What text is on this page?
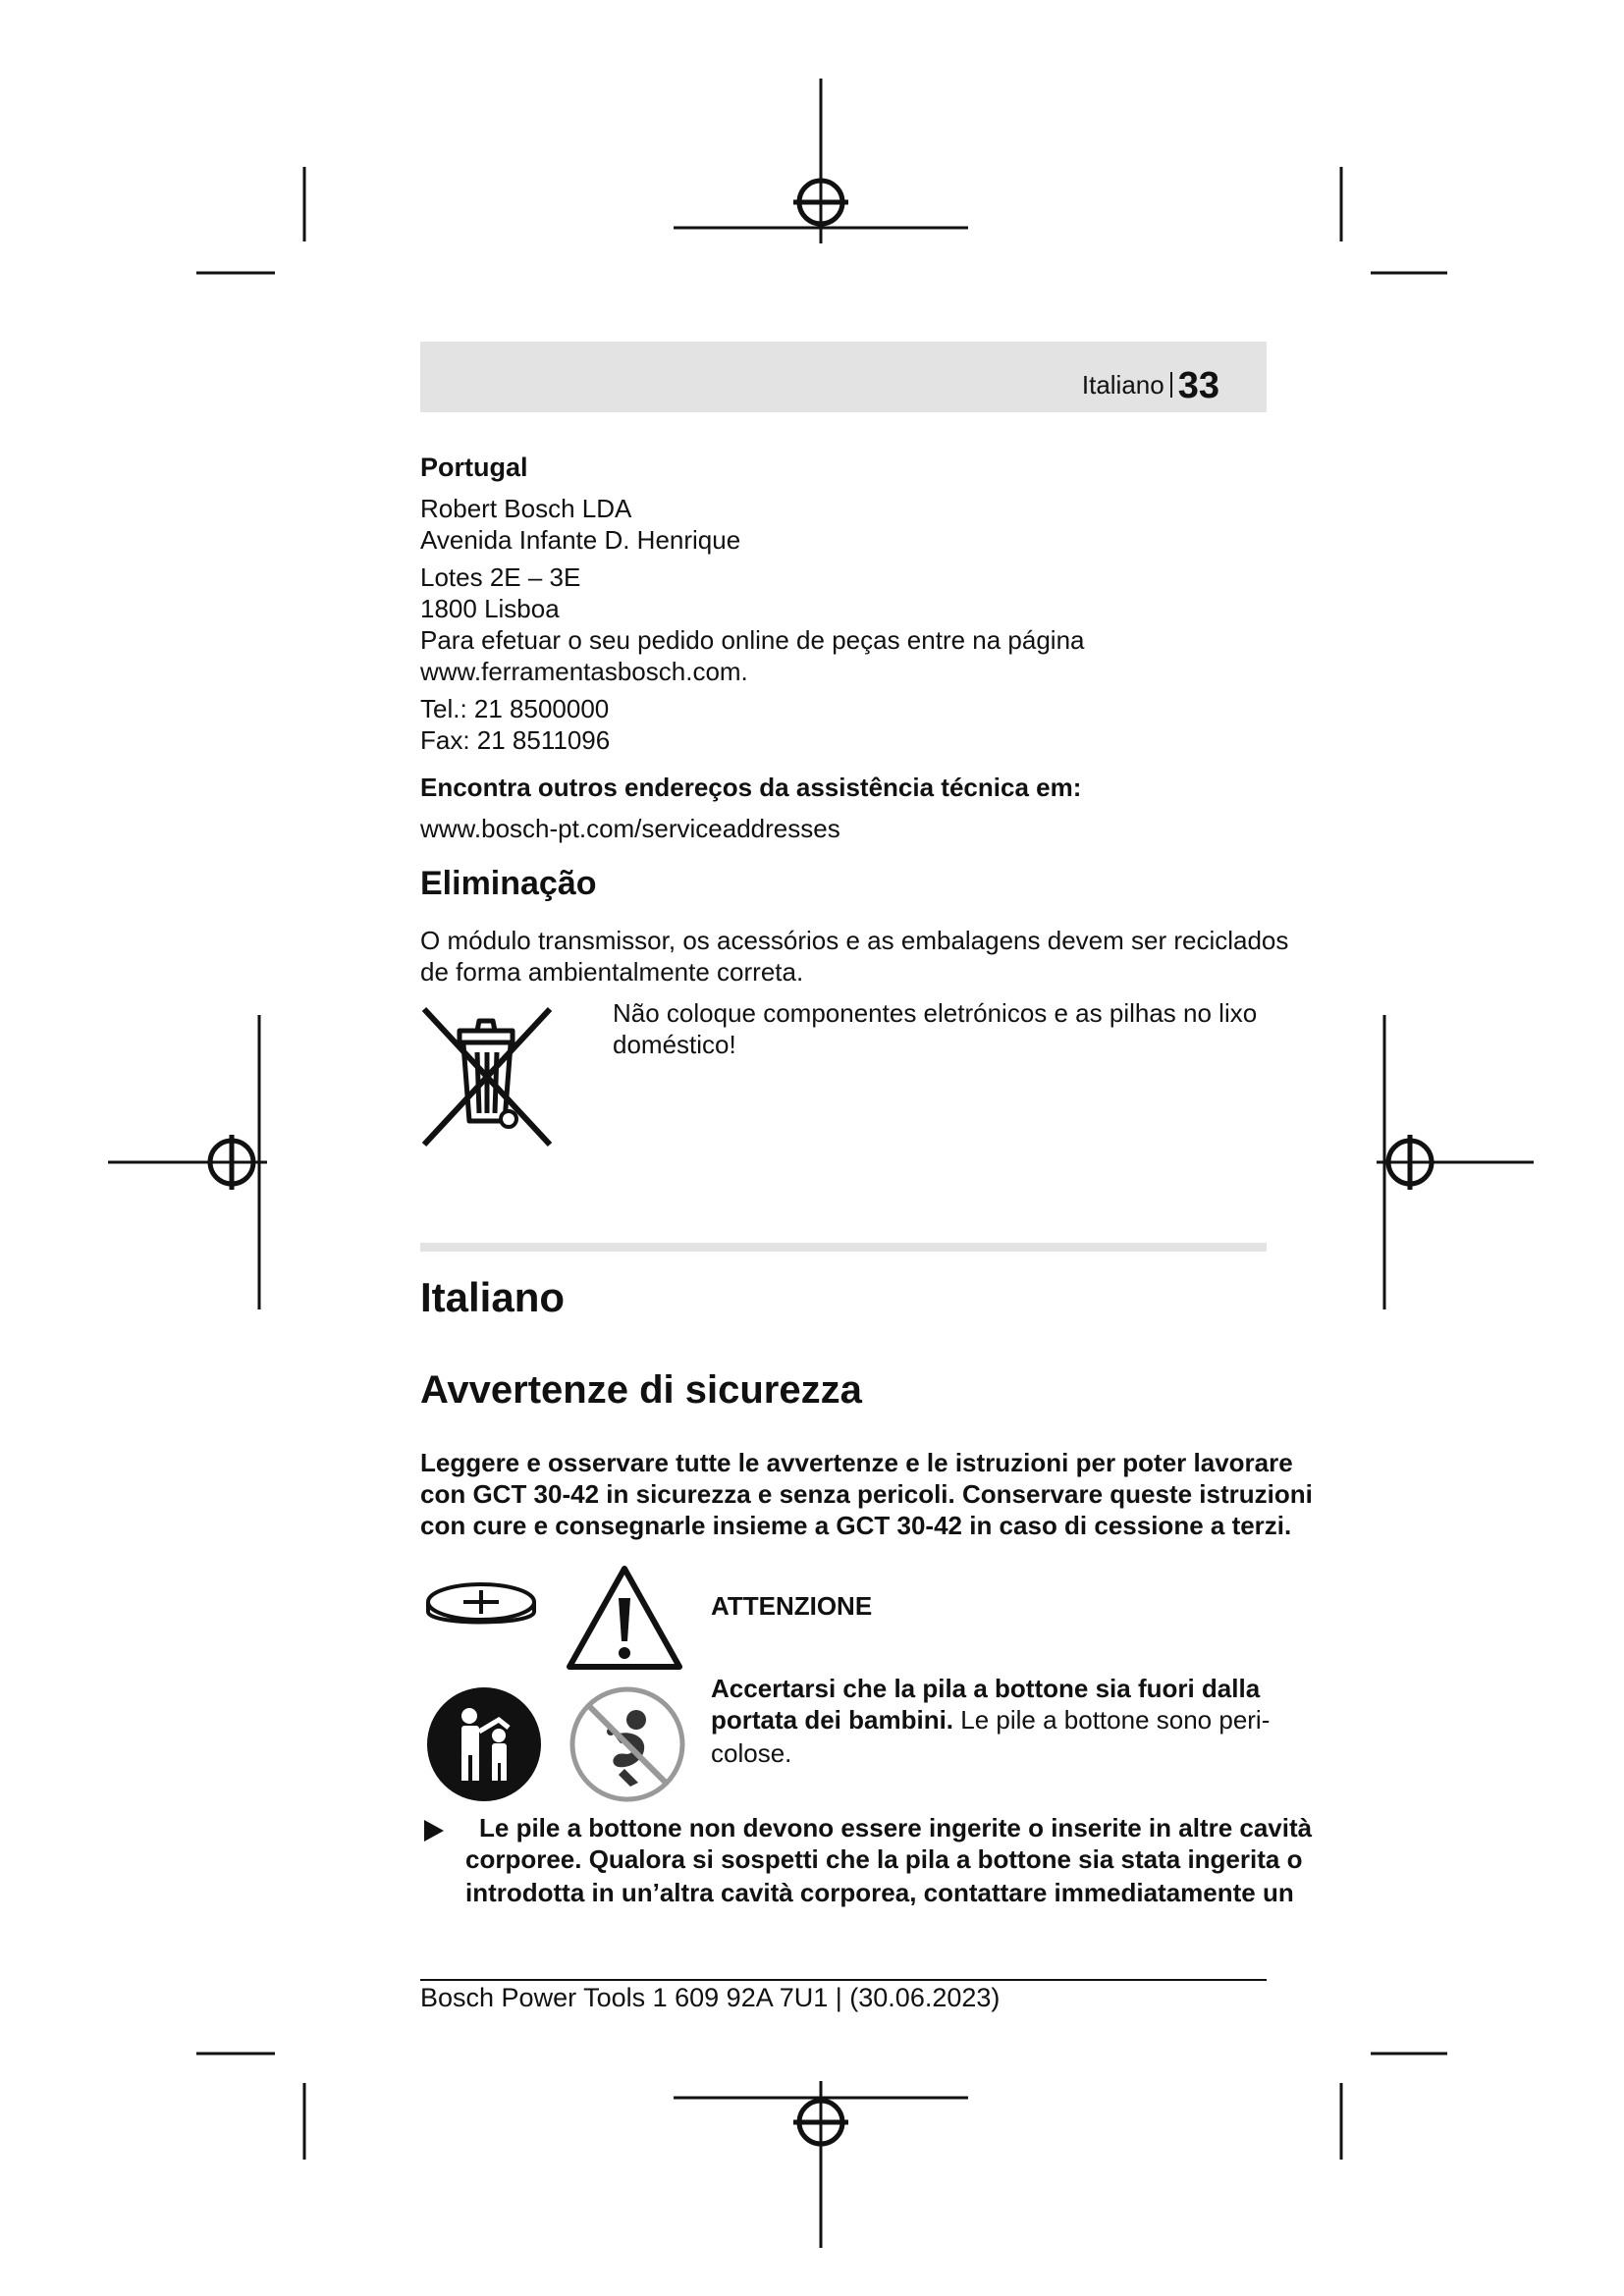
Italiano 33
Portugal
Robert Bosch LDA
Avenida Infante D. Henrique
Lotes 2E – 3E
1800 Lisboa
Para efetuar o seu pedido online de peças entre na página
www.ferramentasbosch.com.
Tel.: 21 8500000
Fax: 21 8511096
Encontra outros endereços da assistência técnica em:
www.bosch-pt.com/serviceaddresses
Eliminação
O módulo transmissor, os acessórios e as embalagens devem ser reciclados
de forma ambientalmente correta.
Não coloque componentes eletrónicos e as pilhas no lixo
doméstico!
Italiano
Avvertenze di sicurezza
Leggere e osservare tutte le avvertenze e le istruzioni per poter lavorare
con GCT 30-42 in sicurezza e senza pericoli. Conservare queste istruzioni
con cure e consegnarle insieme a GCT 30-42 in caso di cessione a terzi.
ATTENZIONE
Accertarsi che la pila a bottone sia fuori dalla
portata dei bambini. Le pile a bottone sono peri-
colose.
Le pile a bottone non devono essere ingerite o inserite in altre cavità
corporee. Qualora si sospetti che la pila a bottone sia stata ingerita o
introdotta in un’altra cavità corporea, contattare immediatamente un
Bosch Power Tools 1 609 92A 7U1 | (30.06.2023)
